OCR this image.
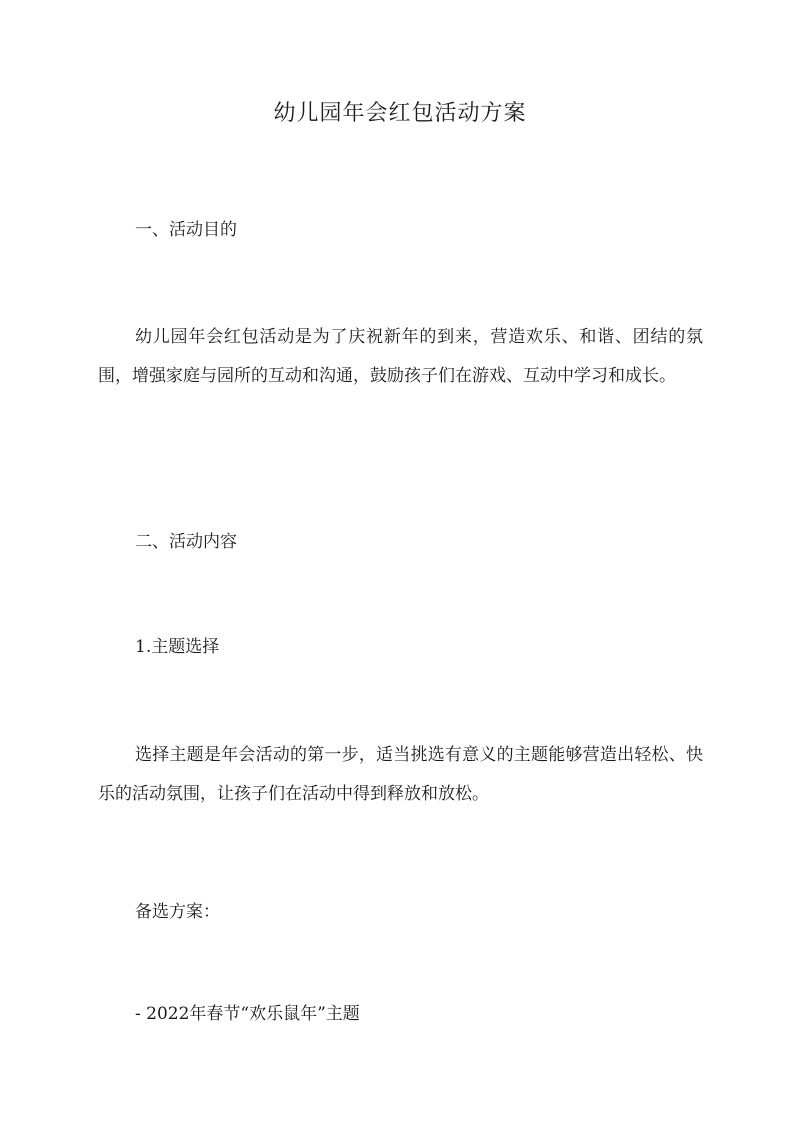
幼儿园年会红包活动方案
一、活动目的

幼儿园年会红包活动是为了庆祝新年的到来，营造欢乐、和谐、团结的氛围，增强家庭与园所的互动和沟通，鼓励孩子们在游戏、互动中学习和成长。

二、活动内容
1.主题选择

选择主题是年会活动的第一步，适当挑选有意义的主题能够营造出轻松、快乐的活动氛围，让孩子们在活动中得到释放和放松。

备选方案：
- 2022年春节“欢乐鼠年”主题
